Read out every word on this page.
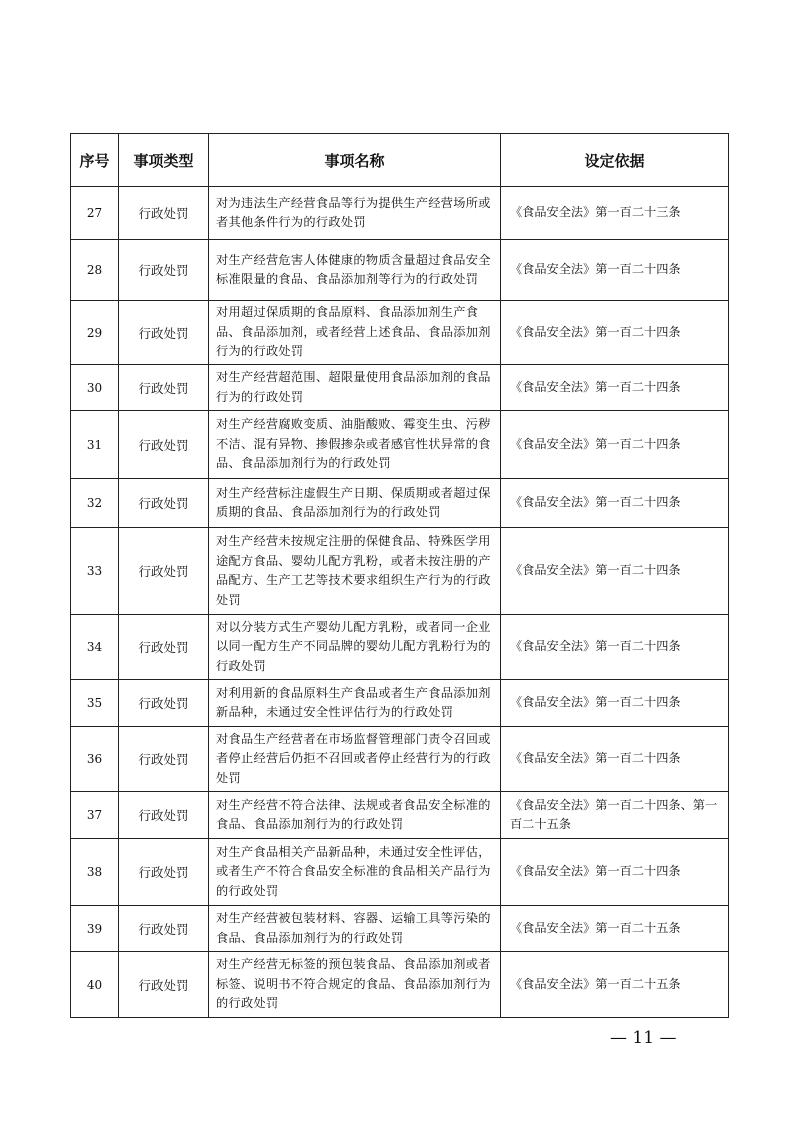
序号	事项类型	事项名称	设定依据
27	行政处罚	对为违法生产经营食品等行为提供生产经营场所或者其他条件行为的行政处罚	《食品安全法》第一百二十三条
28	行政处罚	对生产经营危害人体健康的物质含量超过食品安全标准限量的食品、食品添加剂等行为的行政处罚	《食品安全法》第一百二十四条
29	行政处罚	对用超过保质期的食品原料、食品添加剂生产食品、食品添加剂，或者经营上述食品、食品添加剂行为的行政处罚	《食品安全法》第一百二十四条
30	行政处罚	对生产经营超范围、超限量使用食品添加剂的食品行为的行政处罚	《食品安全法》第一百二十四条
31	行政处罚	对生产经营腐败变质、油脂酸败、霉变生虫、污秽不洁、混有异物、掺假掺杂或者感官性状异常的食品、食品添加剂行为的行政处罚	《食品安全法》第一百二十四条
32	行政处罚	对生产经营标注虚假生产日期、保质期或者超过保质期的食品、食品添加剂行为的行政处罚	《食品安全法》第一百二十四条
33	行政处罚	对生产经营未按规定注册的保健食品、特殊医学用途配方食品、婴幼儿配方乳粉，或者未按注册的产品配方、生产工艺等技术要求组织生产行为的行政处罚	《食品安全法》第一百二十四条
34	行政处罚	对以分装方式生产婴幼儿配方乳粉，或者同一企业以同一配方生产不同品牌的婴幼儿配方乳粉行为的行政处罚	《食品安全法》第一百二十四条
35	行政处罚	对利用新的食品原料生产食品或者生产食品添加剂新品种，未通过安全性评估行为的行政处罚	《食品安全法》第一百二十四条
36	行政处罚	对食品生产经营者在市场监督管理部门责令召回或者停止经营后仍拒不召回或者停止经营行为的行政处罚	《食品安全法》第一百二十四条
37	行政处罚	对生产经营不符合法律、法规或者食品安全标准的食品、食品添加剂行为的行政处罚	《食品安全法》第一百二十四条、第一百二十五条
38	行政处罚	对生产食品相关产品新品种，未通过安全性评估，或者生产不符合食品安全标准的食品相关产品行为的行政处罚	《食品安全法》第一百二十四条
39	行政处罚	对生产经营被包装材料、容器、运输工具等污染的食品、食品添加剂行为的行政处罚	《食品安全法》第一百二十五条
40	行政处罚	对生产经营无标签的预包装食品、食品添加剂或者标签、说明书不符合规定的食品、食品添加剂行为的行政处罚	《食品安全法》第一百二十五条
— 11 —
